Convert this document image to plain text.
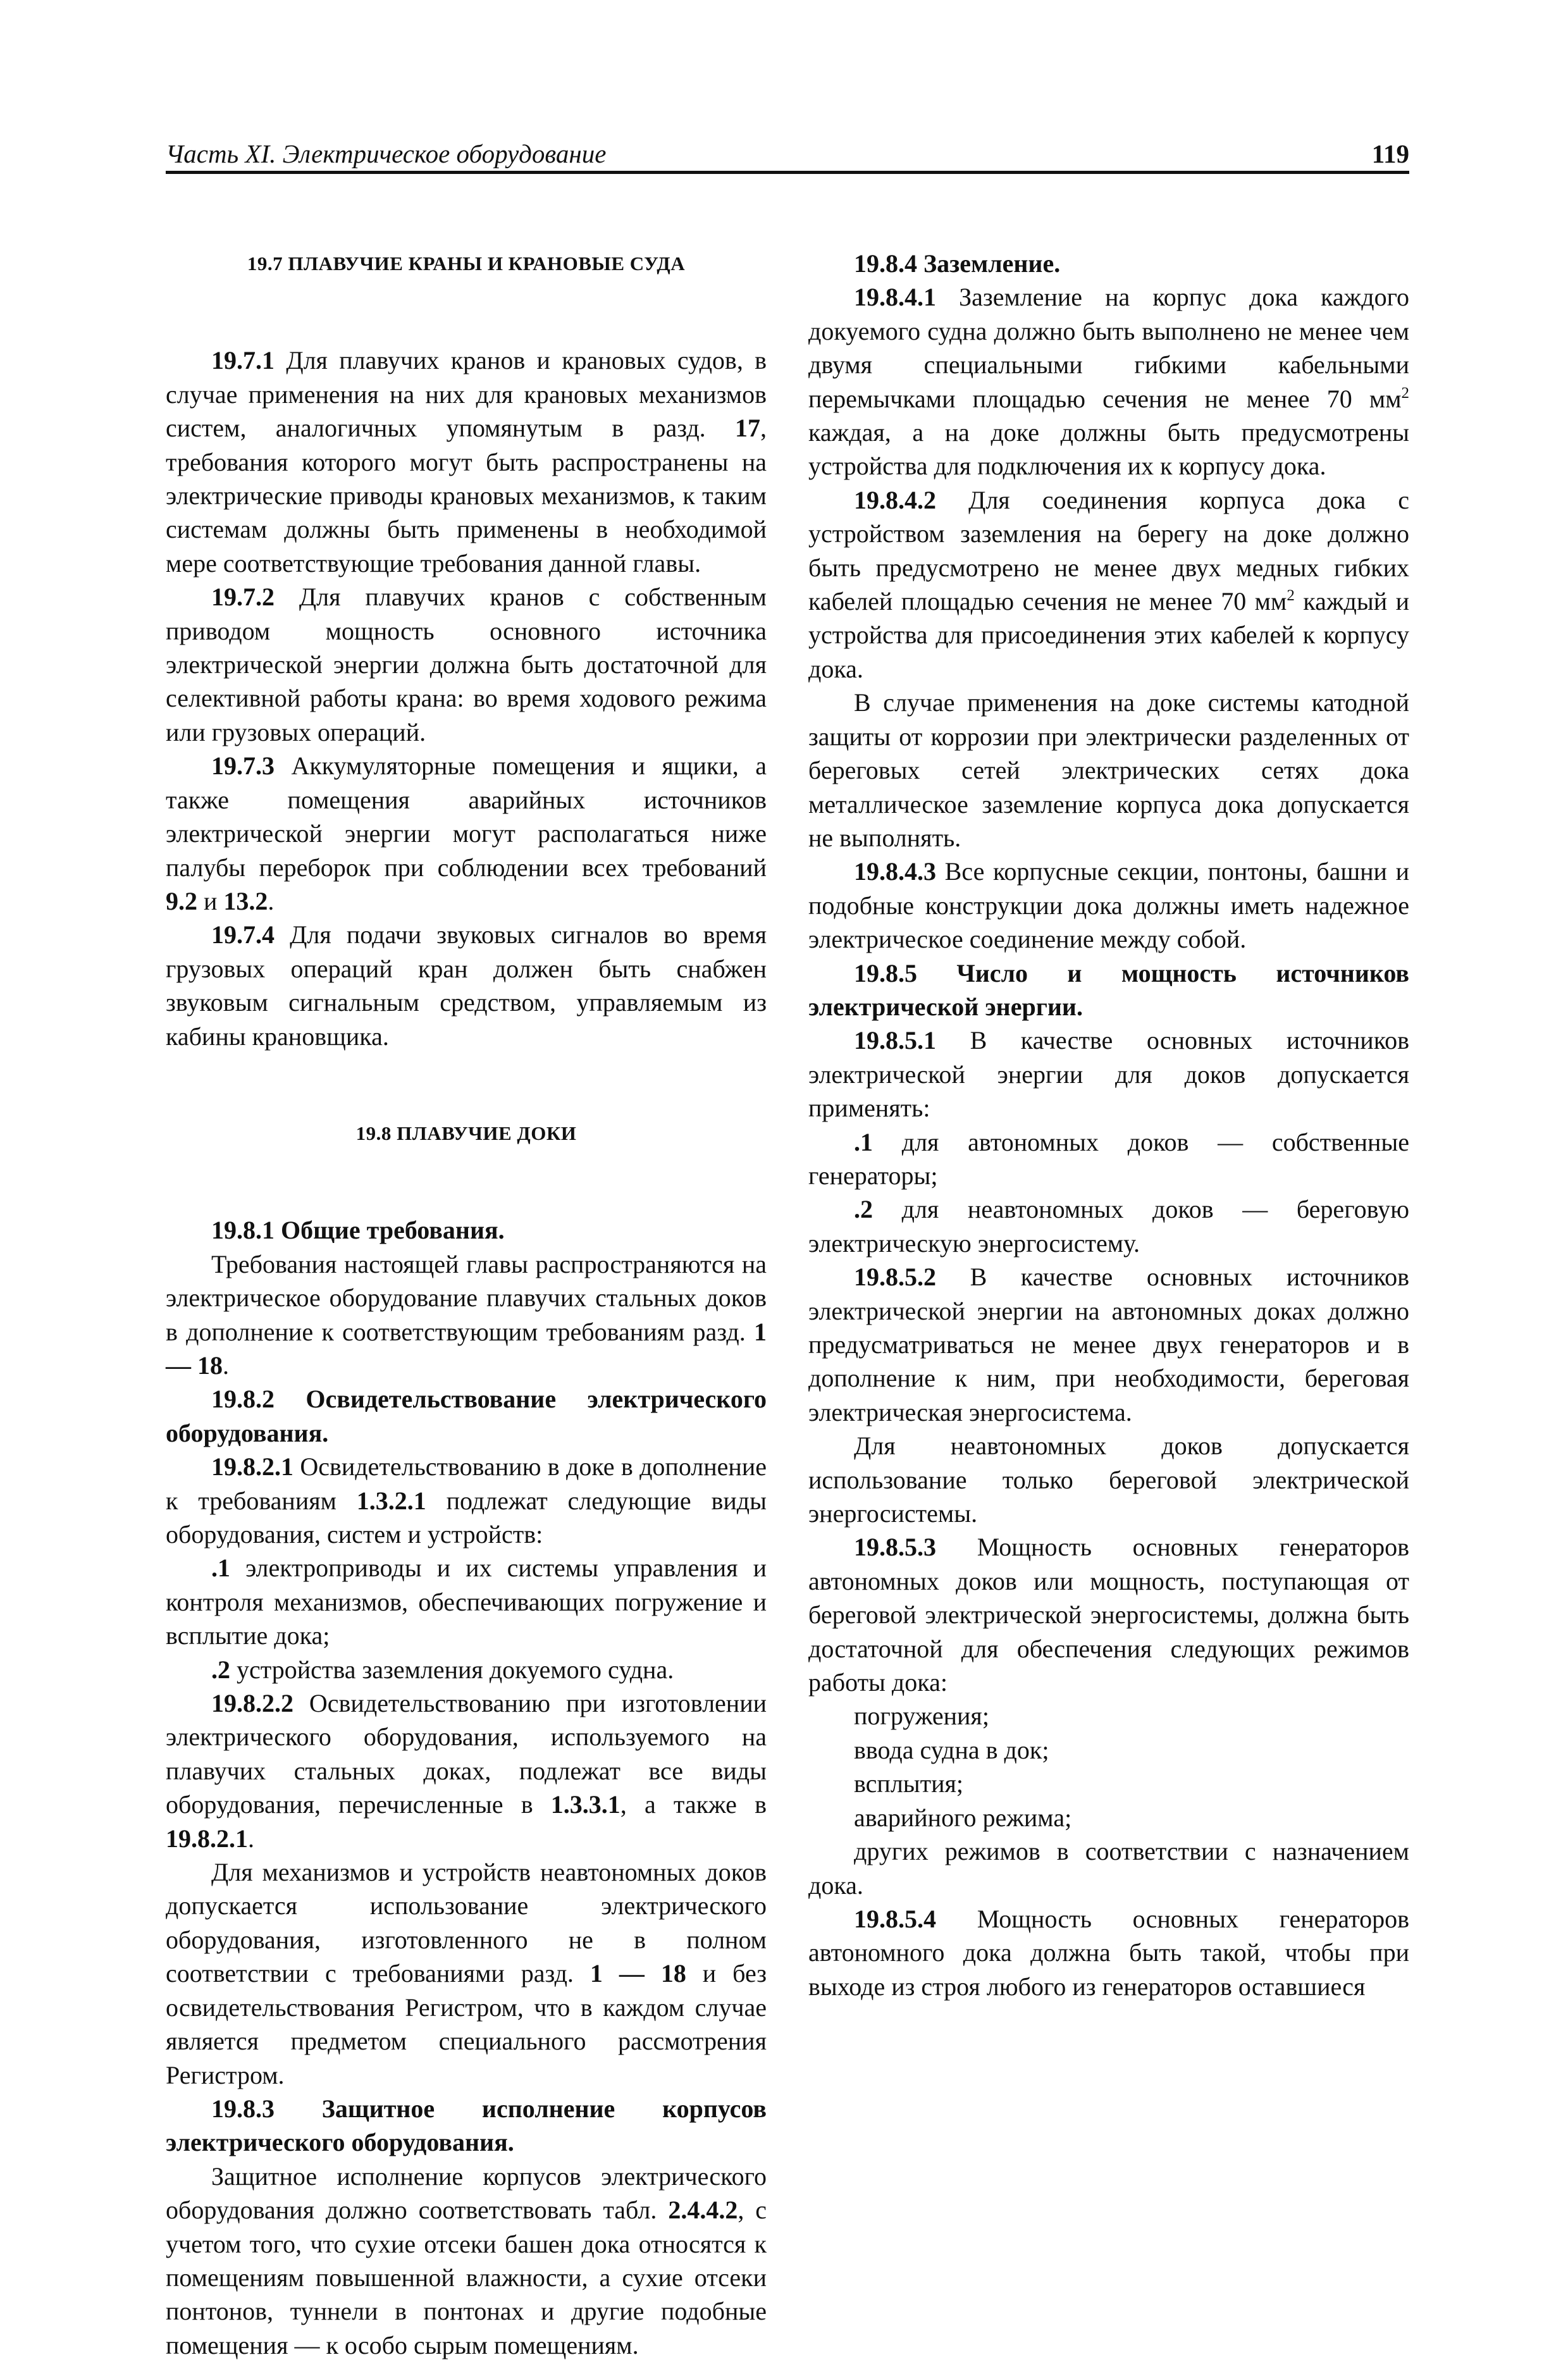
Часть XI. Электрическое оборудование	119
19.7 ПЛАВУЧИЕ КРАНЫ И КРАНОВЫЕ СУДА

19.7.1 Для плавучих кранов и крановых судов, в случае применения на них для крановых механизмов систем, аналогичных упомянутым в разд. 17, требования которого могут быть распространены на электрические приводы крановых механизмов, к таким системам должны быть применены в необходимой мере соответствующие требования данной главы.

19.7.2 Для плавучих кранов с собственным приводом мощность основного источника электрической энергии должна быть достаточной для селективной работы крана: во время ходового режима или грузовых операций.

19.7.3 Аккумуляторные помещения и ящики, а также помещения аварийных источников электрической энергии могут располагаться ниже палубы переборок при соблюдении всех требований 9.2 и 13.2.

19.7.4 Для подачи звуковых сигналов во время грузовых операций кран должен быть снабжен звуковым сигнальным средством, управляемым из кабины крановщика.

19.8 ПЛАВУЧИЕ ДОКИ

19.8.1 Общие требования.

Требования настоящей главы распространяются на электрическое оборудование плавучих стальных доков в дополнение к соответствующим требованиям разд. 1 — 18.

19.8.2 Освидетельствование электрического оборудования.

19.8.2.1 Освидетельствованию в доке в дополнение к требованиям 1.3.2.1 подлежат следующие виды оборудования, систем и устройств:

.1 электроприводы и их системы управления и контроля механизмов, обеспечивающих погружение и всплытие дока;

.2 устройства заземления докуемого судна.

19.8.2.2 Освидетельствованию при изготовлении электрического оборудования, используемого на плавучих стальных доках, подлежат все виды оборудования, перечисленные в 1.3.3.1, а также в 19.8.2.1.

Для механизмов и устройств неавтономных доков допускается использование электрического оборудования, изготовленного не в полном соответствии с требованиями разд. 1 — 18 и без освидетельствования Регистром, что в каждом случае является предметом специального рассмотрения Регистром.

19.8.3 Защитное исполнение корпусов электрического оборудования.

Защитное исполнение корпусов электрического оборудования должно соответствовать табл. 2.4.4.2, с учетом того, что сухие отсеки башен дока относятся к помещениям повышенной влажности, а сухие отсеки понтонов, туннели в понтонах и другие подобные помещения — к особо сырым помещениям.

19.8.4 Заземление.

19.8.4.1 Заземление на корпус дока каждого докуемого судна должно быть выполнено не менее чем двумя специальными гибкими кабельными перемычками площадью сечения не менее 70 $мм^2$ каждая, а на доке должны быть предусмотрены устройства для подключения их к корпусу дока.

19.8.4.2 Для соединения корпуса дока с устройством заземления на берегу на доке должно быть предусмотрено не менее двух медных гибких кабелей площадью сечения не менее 70 $мм^2$ каждый и устройства для присоединения этих кабелей к корпусу дока.

В случае применения на доке системы катодной защиты от коррозии при электрически разделенных от береговых сетей электрических сетях дока металлическое заземление корпуса дока допускается не выполнять.

19.8.4.3 Все корпусные секции, понтоны, башни и подобные конструкции дока должны иметь надежное электрическое соединение между собой.

19.8.5 Число и мощность источников электрической энергии.

19.8.5.1 В качестве основных источников электрической энергии для доков допускается применять:

.1 для автономных доков — собственные генераторы;

.2 для неавтономных доков — береговую электрическую энергосистему.

19.8.5.2 В качестве основных источников электрической энергии на автономных доках должно предусматриваться не менее двух генераторов и в дополнение к ним, при необходимости, береговая электрическая энергосистема.

Для неавтономных доков допускается использование только береговой электрической энергосистемы.

19.8.5.3 Мощность основных генераторов автономных доков или мощность, поступающая от береговой электрической энергосистемы, должна быть достаточной для обеспечения следующих режимов работы дока:

погружения;

ввода судна в док;

всплытия;

аварийного режима;

других режимов в соответствии с назначением дока.

19.8.5.4 Мощность основных генераторов автономного дока должна быть такой, чтобы при выходе из строя любого из генераторов оставшиеся
